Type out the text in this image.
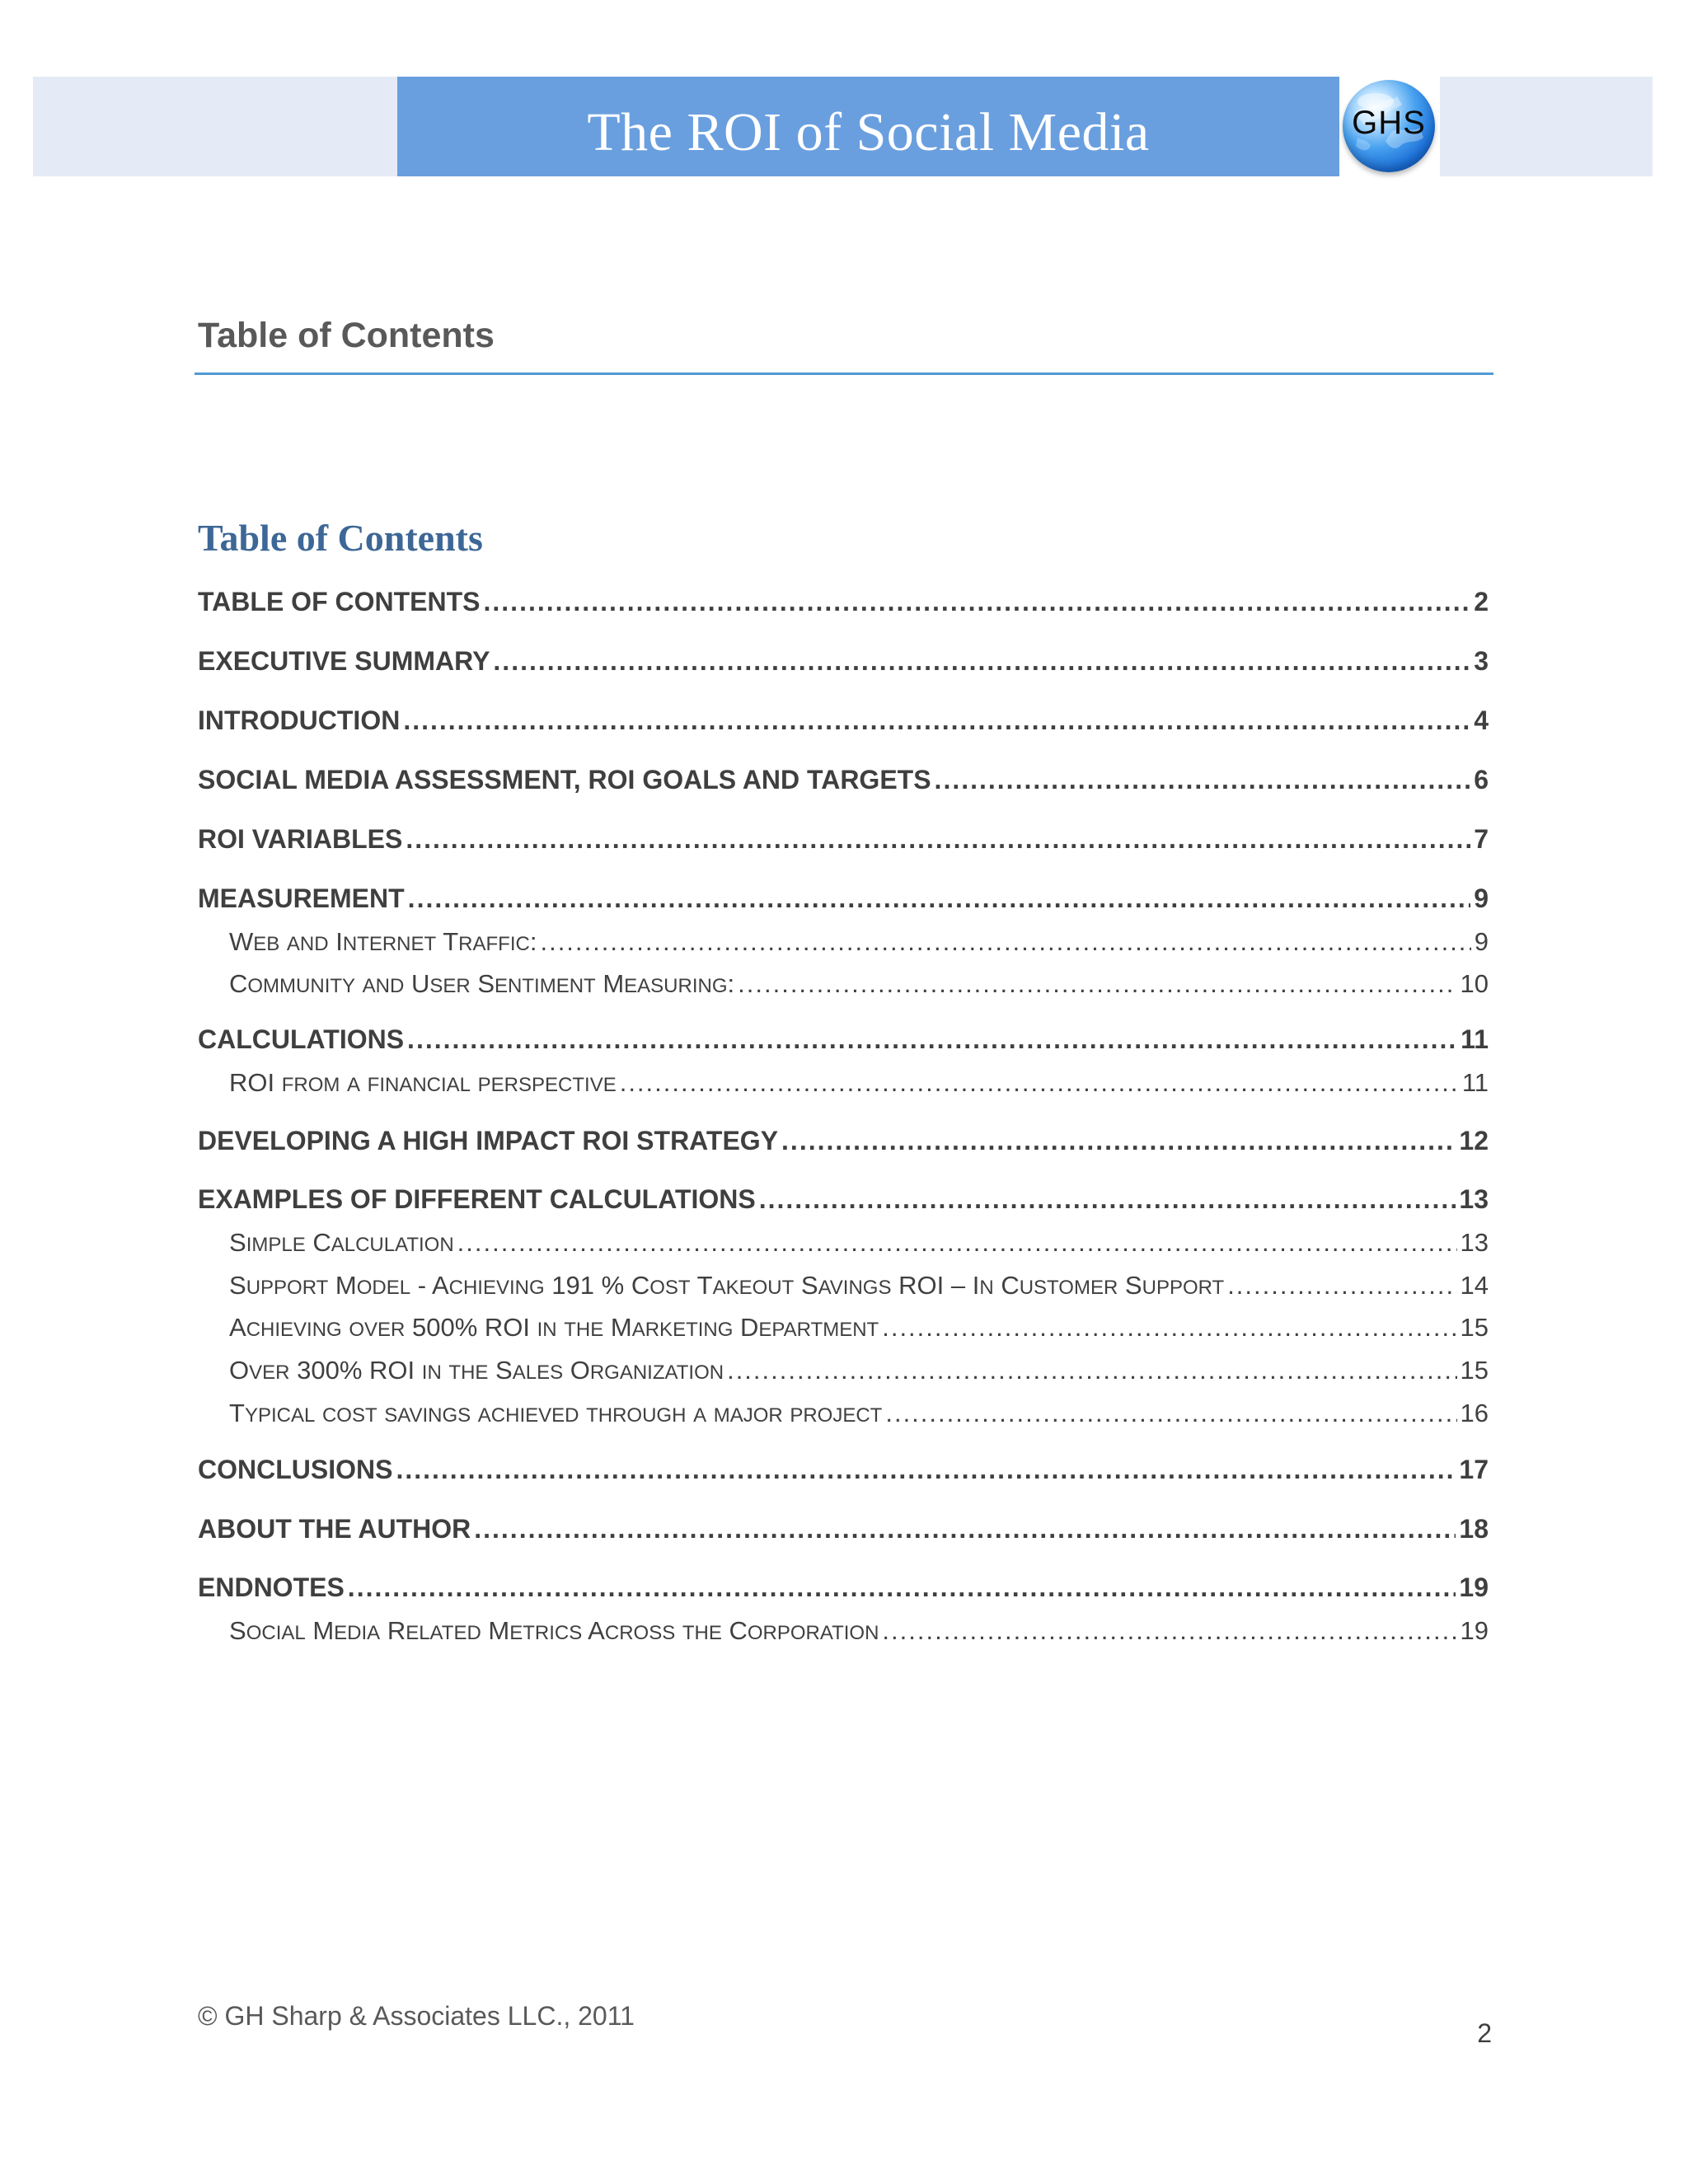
The ROI of Social Media	GHS
Table of Contents
Table of Contents
TABLE OF CONTENTS .....	2
EXECUTIVE SUMMARY .....	3
INTRODUCTION .....	4
SOCIAL MEDIA ASSESSMENT, ROI GOALS AND TARGETS .....	6
ROI VARIABLES .....	7
MEASUREMENT .....	9
WEB AND INTERNET TRAFFIC: .....	9
COMMUNITY AND USER SENTIMENT MEASURING: .....	10
CALCULATIONS .....	11
ROI FROM A FINANCIAL PERSPECTIVE .....	11
DEVELOPING A HIGH IMPACT ROI STRATEGY .....	12
EXAMPLES OF DIFFERENT CALCULATIONS .....	13
SIMPLE CALCULATION .....	13
SUPPORT MODEL - ACHIEVING 191 % COST TAKEOUT SAVINGS ROI – IN CUSTOMER SUPPORT .....	14
ACHIEVING OVER 500% ROI IN THE MARKETING DEPARTMENT .....	15
OVER 300% ROI IN THE SALES ORGANIZATION .....	15
TYPICAL COST SAVINGS ACHIEVED THROUGH A MAJOR PROJECT .....	16
CONCLUSIONS .....	17
ABOUT THE AUTHOR .....	18
ENDNOTES .....	19
SOCIAL MEDIA RELATED METRICS ACROSS THE CORPORATION .....	19
© GH Sharp & Associates LLC., 2011
2
